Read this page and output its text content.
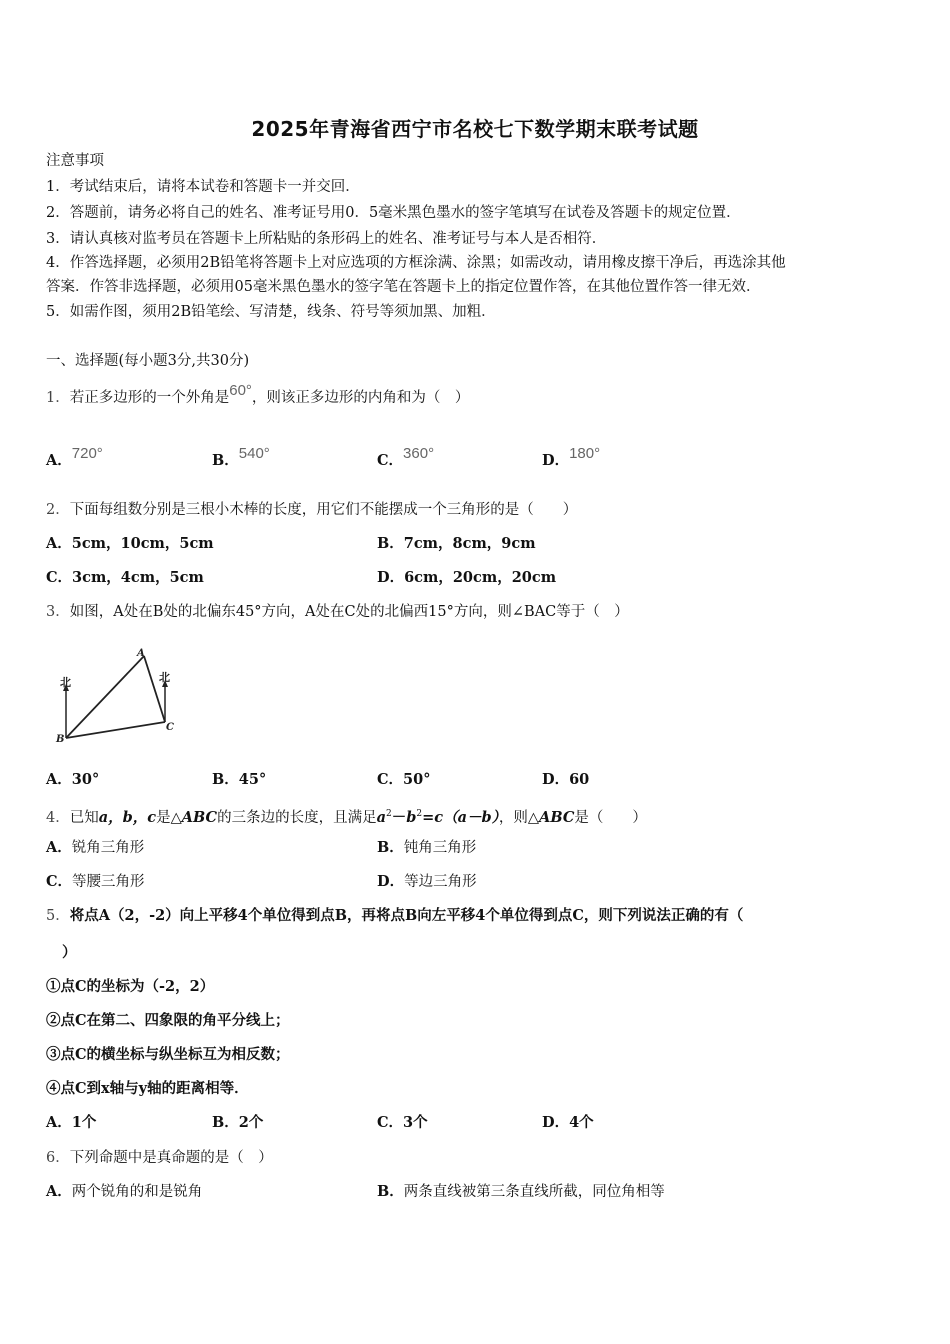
2025年青海省西宁市名校七下数学期末联考试题
注意事项
1．考试结束后，请将本试卷和答题卡一并交回．
2．答题前，请务必将自己的姓名、准考证号用0．5毫米黑色墨水的签字笔填写在试卷及答题卡的规定位置．
3．请认真核对监考员在答题卡上所粘贴的条形码上的姓名、准考证号与本人是否相符．
4．作答选择题，必须用2B铅笔将答题卡上对应选项的方框涂满、涂黑；如需改动，请用橡皮擦干净后，再选涂其他
答案．作答非选择题，必须用05毫米黑色墨水的签字笔在答题卡上的指定位置作答，在其他位置作答一律无效．
5．如需作图，须用2B铅笔绘、写清楚，线条、符号等须加黑、加粗．
一、选择题(每小题3分,共30分)
1．若正多边形的一个外角是60°，则该正多边形的内角和为（　）
A．720°	B．540°	C．360°	D．180°
2．下面每组数分别是三根小木棒的长度，用它们不能摆成一个三角形的是（　　）
A．5cm，10cm，5cm	B．7cm，8cm，9cm
C．3cm，4cm，5cm	D．6cm，20cm，20cm
3．如图，A处在B处的北偏东45°方向，A处在C处的北偏西15°方向，则∠BAC等于（　）
北	北
A
B
C
A．30°	B．45°	C．50°	D．60
4．已知a，b，c是△ABC的三条边的长度，且满足$a^2-b^2=c(a-b)$，则△ABC是（　　）
A．锐角三角形	B．钝角三角形
C．等腰三角形	D．等边三角形
5．将点A（2，-2）向上平移4个单位得到点B，再将点B向左平移4个单位得到点C，则下列说法正确的有（
）
①点C的坐标为（-2，2）
②点C在第二、四象限的角平分线上；
③点C的横坐标与纵坐标互为相反数；
④点C到x轴与y轴的距离相等．
A．1个	B．2个	C．3个	D．4个
6．下列命题中是真命题的是（　）
A．两个锐角的和是锐角	B．两条直线被第三条直线所截，同位角相等
